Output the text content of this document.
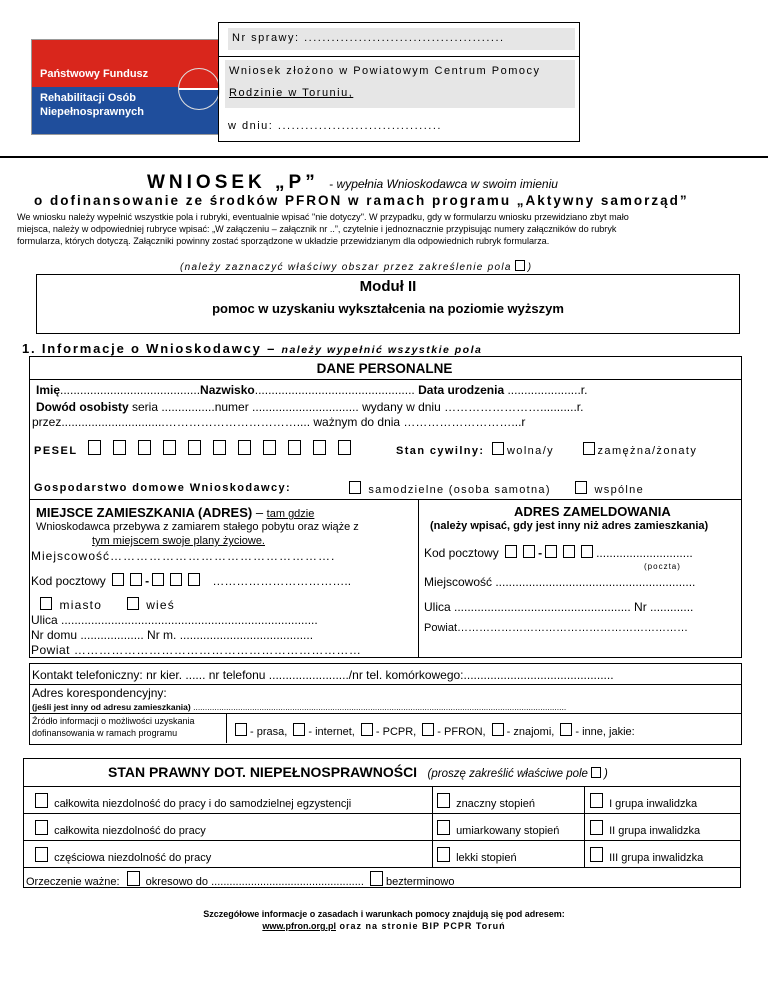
Państwowy Fundusz
Rehabilitacji Osób
Niepełnosprawnych
Nr sprawy: ............................................
Wniosek złożono w Powiatowym Centrum Pomocy
Rodzinie w Toruniu,
w dniu: ....................................
WNIOSEK „P” - wypełnia Wnioskodawca w swoim imieniu
o dofinansowanie ze środków PFRON w ramach programu „Aktywny samorząd”
We wniosku należy wypełnić wszystkie pola i rubryki, eventualnie wpisać "nie dotyczy". W przypadku, gdy w formularzu wniosku przewidziano zbyt mało
miejsca, należy w odpowiedniej rubryce wpisać: „W załączeniu – załącznik nr ..”, czytelnie i jednoznacznie przypisując numery załączników do rubryk
formularza, których dotyczą. Załączniki powinny zostać sporządzone w układzie przewidzianym dla odpowiednich rubryk formularza.
(należy zaznaczyć właściwy obszar przez zakreślenie pola )
Moduł II
pomoc w uzyskaniu wykształcenia na poziomie wyższym
1. Informacje o Wnioskodawcy – należy wypełnić wszystkie pola
DANE PERSONALNE
Imię..........................................Nazwisko................................................ Data urodzenia ......................r.
Dowód osobisty seria ................numer ................................ wydany w dniu ……………………...........r.
przez...............................…………………………….... ważnym do dnia ………………………...r
PESEL	Stan cywilny: wolna/y	zamężna/żonaty
Gospodarstwo domowe Wnioskodawcy:	samodzielne (osoba samotna)	wspólne
MIEJSCE ZAMIESZKANIA (ADRES) – tam gdzie
Wnioskodawca przebywa z zamiarem stałego pobytu oraz wiąże z
tym miejscem swoje plany życiowe.
Miejscowość…………………………………………….
Kod pocztowy	-	……………………………..
miasto	wieś
Ulica .............................................................................
Nr domu ................... Nr m. ........................................
Powiat ……………………………………………………………
ADRES ZAMELDOWANIA
(należy wpisać, gdy jest inny niż adres zamieszkania)
Kod pocztowy	-	.............................
(poczta)
Miejscowość ............................................................
Ulica ..................................................... Nr .............
Powiat………………………………………………………
Kontakt telefoniczny: nr kier. ...... nr telefonu ......................../nr tel. komórkowego:.............................................
Adres korespondencyjny:
(jeśli jest inny od adresu zamieszkania) ..............................................................................................................................................................
Źródło informacji o możliwości uzyskania
dofinansowania w ramach programu	- prasa, - internet, - PCPR, - PFRON, - znajomi, - inne, jakie:
STAN PRAWNY DOT. NIEPEŁNOSPRAWNOŚCI (proszę zakreślić właściwe pole )
całkowita niezdolność do pracy i do samodzielnej egzystencji	znaczny stopień	I grupa inwalidzka
całkowita niezdolność do pracy	umiarkowany stopień	II grupa inwalidzka
częściowa niezdolność do pracy	lekki stopień	III grupa inwalidzka
Orzeczenie ważne: okresowo do .................................................. bezterminowo
Szczegółowe informacje o zasadach i warunkach pomocy znajdują się pod adresem:
www.pfron.org.pl oraz na stronie BIP PCPR Toruń
